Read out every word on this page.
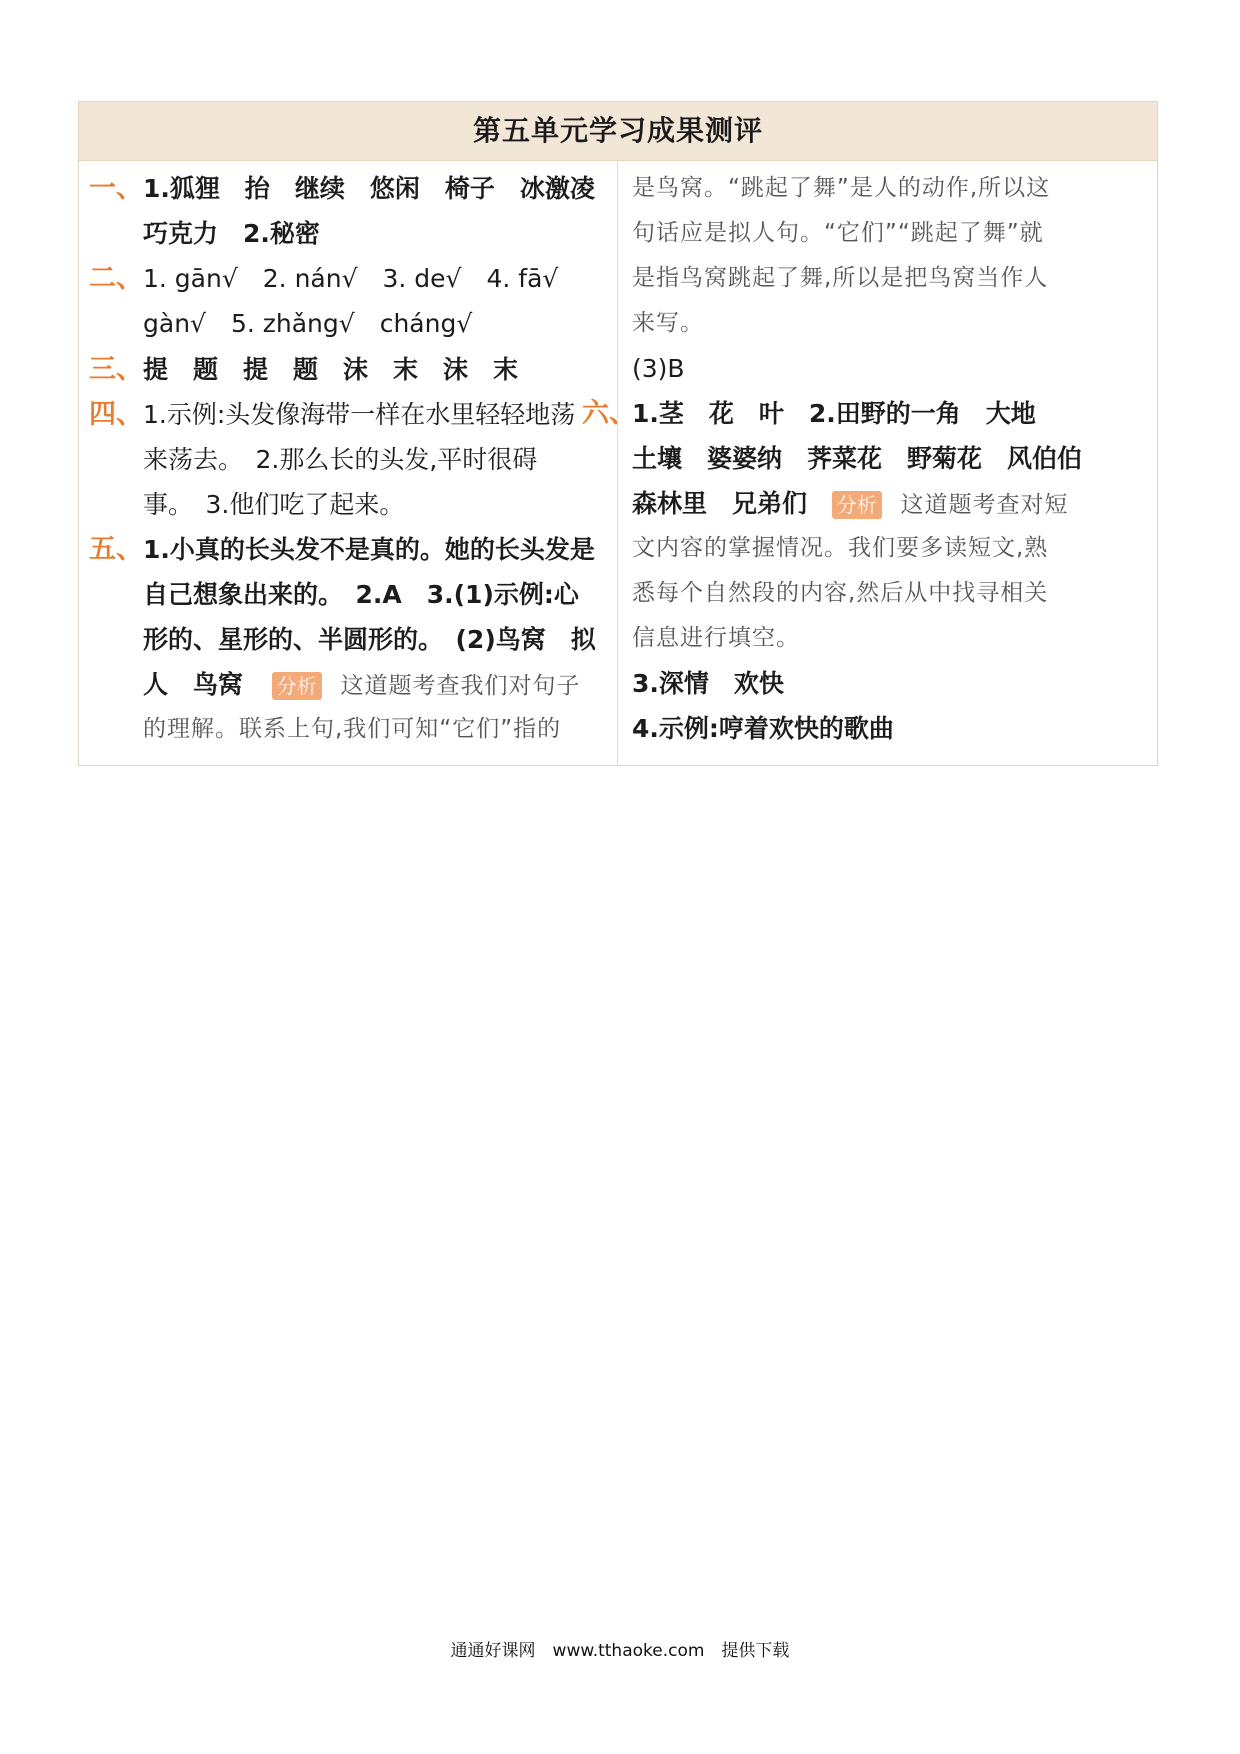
第五单元学习成果测评
一、 1.狐狸　抬　继续　悠闲　椅子　冰激凌
巧克力　2.秘密
二、 1. gān√　2. nán√　3. de√　4. fā√
gàn√　5. zhǎng√　cháng√
三、 提　题　提　题　沫　末　沫　末
四、 1.示例:头发像海带一样在水里轻轻地荡
来荡去。　2.那么长的头发,平时很碍
事。　3.他们吃了起来。
五、 1.小真的长头发不是真的。她的长头发是
自己想象出来的。　2.A　3.(1)示例:心
形的、星形的、半圆形的。　(2)鸟窝　拟
人　鸟窝 分析 这道题考查我们对句子
的理解。联系上句,我们可知“它们”指的
是鸟窝。“跳起了舞”是人的动作,所以这
句话应是拟人句。“它们”“跳起了舞”就
是指鸟窝跳起了舞,所以是把鸟窝当作人
来写。
(3)B
六、
1.茎　花　叶　2.田野的一角　大地
土壤　婆婆纳　荠菜花　野菊花　风伯伯
森林里　兄弟们 分析 这道题考查对短
文内容的掌握情况。我们要多读短文,熟
悉每个自然段的内容,然后从中找寻相关
信息进行填空。
3.深情　欢快
4.示例:哼着欢快的歌曲
通通好课网　www.tthaoke.com　提供下载
